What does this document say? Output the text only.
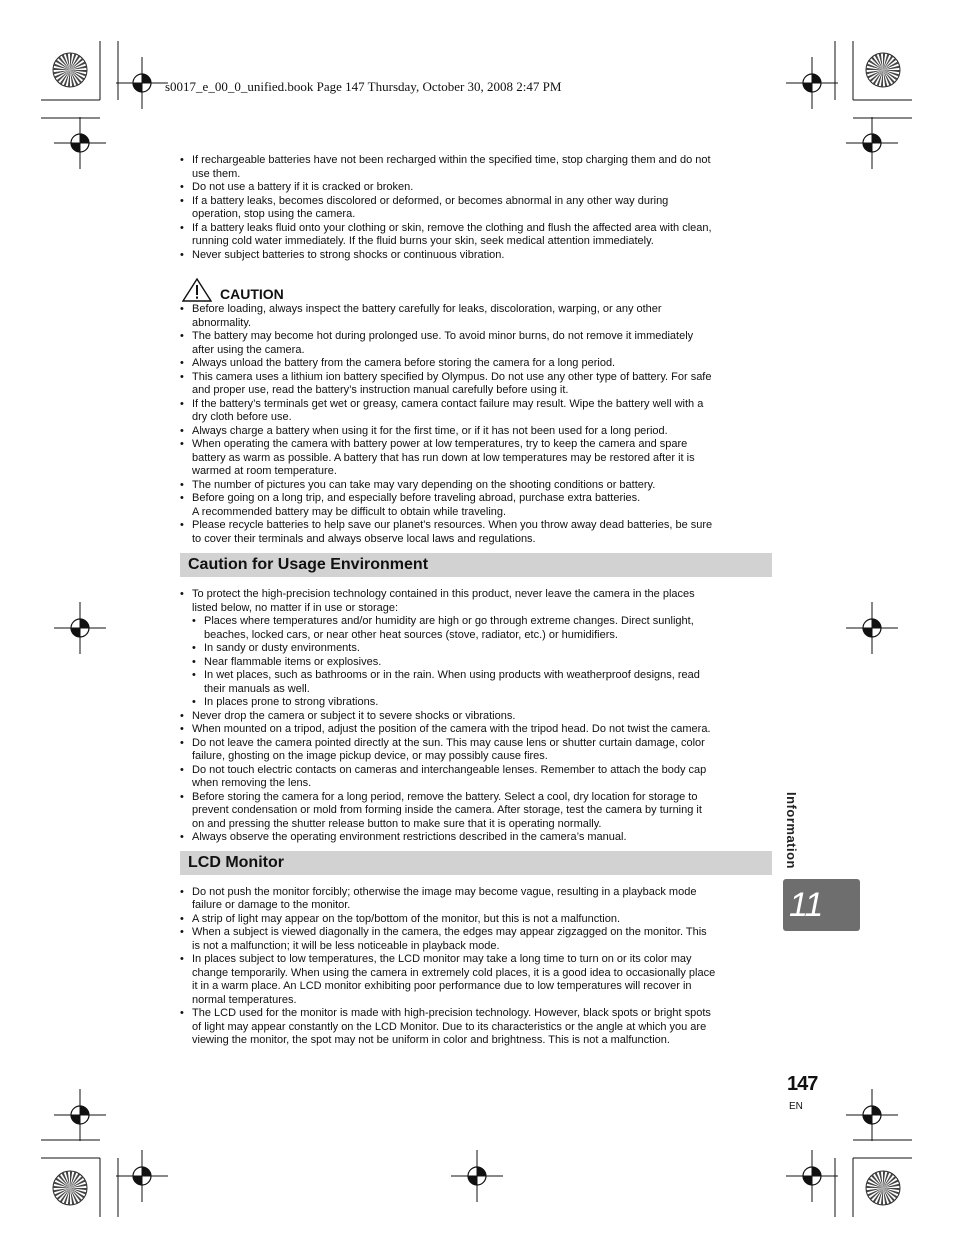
s0017_e_00_0_unified.book Page 147 Thursday, October 30, 2008 2:47 PM
• If rechargeable batteries have not been recharged within the specified time, stop charging them and do not
use them.
• Do not use a battery if it is cracked or broken.
• If a battery leaks, becomes discolored or deformed, or becomes abnormal in any other way during
operation, stop using the camera.
• If a battery leaks fluid onto your clothing or skin, remove the clothing and flush the affected area with clean,
running cold water immediately. If the fluid burns your skin, seek medical attention immediately.
• Never subject batteries to strong shocks or continuous vibration.
CAUTION
• Before loading, always inspect the battery carefully for leaks, discoloration, warping, or any other
abnormality.
• The battery may become hot during prolonged use. To avoid minor burns, do not remove it immediately
after using the camera.
• Always unload the battery from the camera before storing the camera for a long period.
• This camera uses a lithium ion battery specified by Olympus. Do not use any other type of battery. For safe
and proper use, read the battery’s instruction manual carefully before using it.
• If the battery’s terminals get wet or greasy, camera contact failure may result. Wipe the battery well with a
dry cloth before use.
• Always charge a battery when using it for the first time, or if it has not been used for a long period.
• When operating the camera with battery power at low temperatures, try to keep the camera and spare
battery as warm as possible. A battery that has run down at low temperatures may be restored after it is
warmed at room temperature.
• The number of pictures you can take may vary depending on the shooting conditions or battery.
• Before going on a long trip, and especially before traveling abroad, purchase extra batteries.
A recommended battery may be difficult to obtain while traveling.
• Please recycle batteries to help save our planet’s resources. When you throw away dead batteries, be sure
to cover their terminals and always observe local laws and regulations.
Caution for Usage Environment
• To protect the high-precision technology contained in this product, never leave the camera in the places
listed below, no matter if in use or storage:
• Places where temperatures and/or humidity are high or go through extreme changes. Direct sunlight,
beaches, locked cars, or near other heat sources (stove, radiator, etc.) or humidifiers.
• In sandy or dusty environments.
• Near flammable items or explosives.
• In wet places, such as bathrooms or in the rain. When using products with weatherproof designs, read
their manuals as well.
• In places prone to strong vibrations.
• Never drop the camera or subject it to severe shocks or vibrations.
• When mounted on a tripod, adjust the position of the camera with the tripod head. Do not twist the camera.
• Do not leave the camera pointed directly at the sun. This may cause lens or shutter curtain damage, color
failure, ghosting on the image pickup device, or may possibly cause fires.
• Do not touch electric contacts on cameras and interchangeable lenses. Remember to attach the body cap
when removing the lens.
• Before storing the camera for a long period, remove the battery. Select a cool, dry location for storage to
prevent condensation or mold from forming inside the camera. After storage, test the camera by turning it
on and pressing the shutter release button to make sure that it is operating normally.
• Always observe the operating environment restrictions described in the camera’s manual.
LCD Monitor
• Do not push the monitor forcibly; otherwise the image may become vague, resulting in a playback mode
failure or damage to the monitor.
• A strip of light may appear on the top/bottom of the monitor, but this is not a malfunction.
• When a subject is viewed diagonally in the camera, the edges may appear zigzagged on the monitor. This
is not a malfunction; it will be less noticeable in playback mode.
• In places subject to low temperatures, the LCD monitor may take a long time to turn on or its color may
change temporarily. When using the camera in extremely cold places, it is a good idea to occasionally place
it in a warm place. An LCD monitor exhibiting poor performance due to low temperatures will recover in
normal temperatures.
• The LCD used for the monitor is made with high-precision technology. However, black spots or bright spots
of light may appear constantly on the LCD Monitor. Due to its characteristics or the angle at which you are
viewing the monitor, the spot may not be uniform in color and brightness. This is not a malfunction.
Information
11
147
EN
